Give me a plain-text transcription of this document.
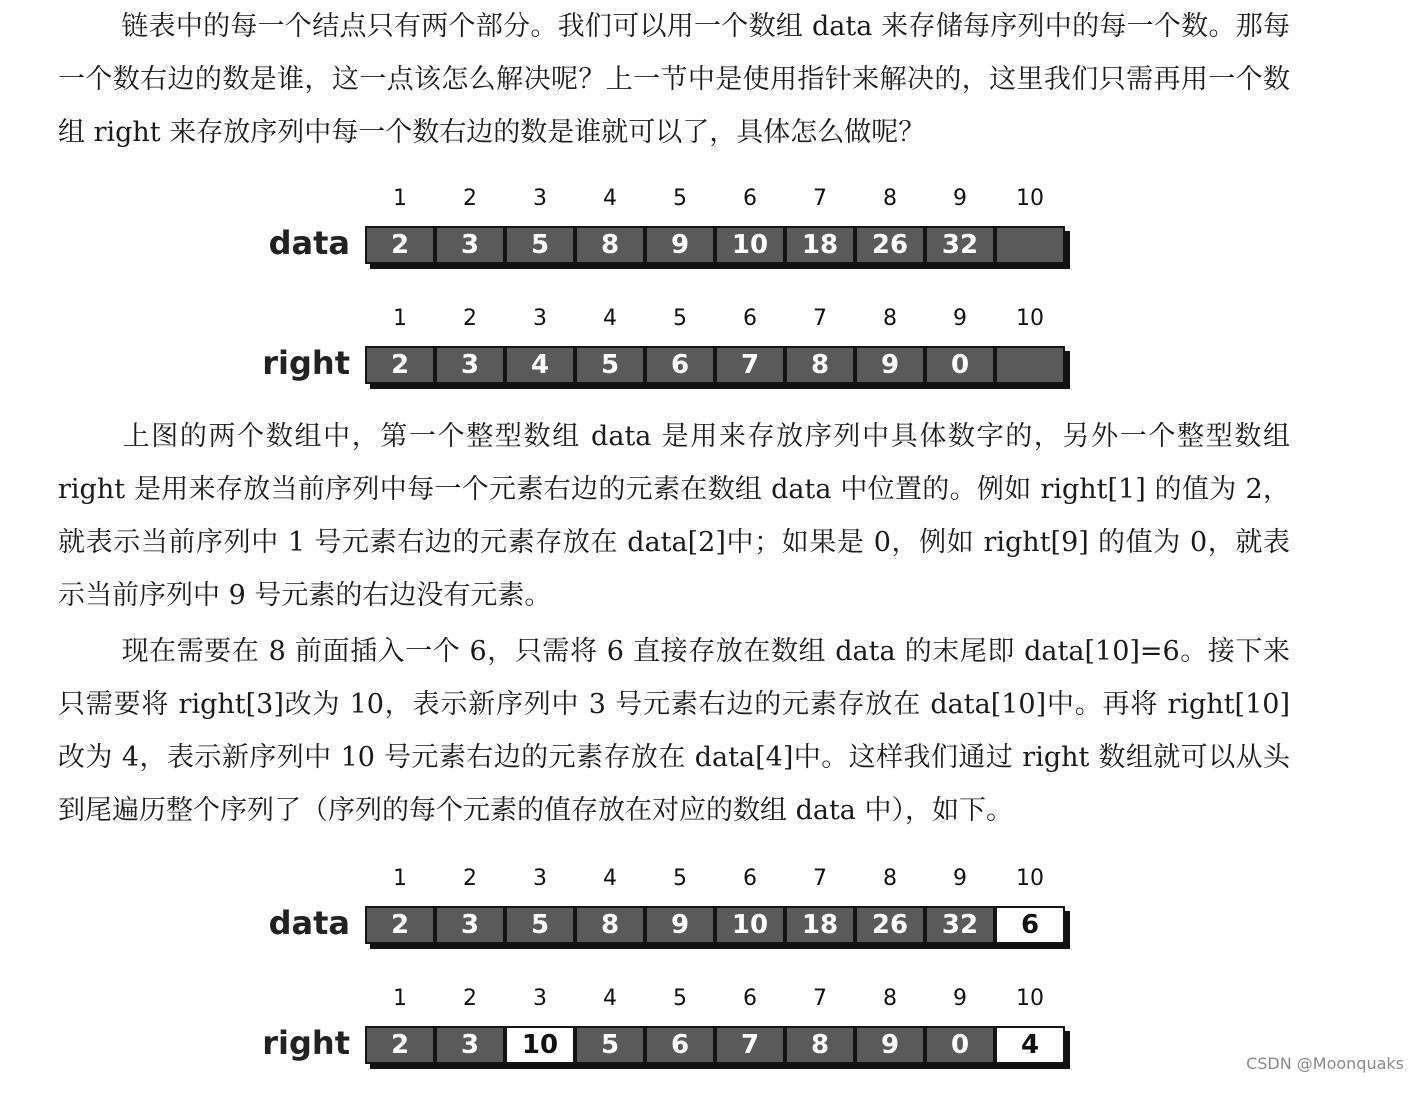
链表中的每一个结点只有两个部分。我们可以用一个数组 data 来存储每序列中的每一个数。那每一个数右边的数是谁，这一点该怎么解决呢？上一节中是使用指针来解决的，这里我们只需再用一个数组 right 来存放序列中每一个数右边的数是谁就可以了，具体怎么做呢？

1	2	3	4	5	6	7	8	9	10
data	2	3	5	8	9	10	18	26	32
1	2	3	4	5	6	7	8	9	10
right	2	3	4	5	6	7	8	9	0

上图的两个数组中，第一个整型数组 data 是用来存放序列中具体数字的，另外一个整型数组 right 是用来存放当前序列中每一个元素右边的元素在数组 data 中位置的。例如 right[1] 的值为 2，就表示当前序列中 1 号元素右边的元素存放在 data[2]中；如果是 0，例如 right[9] 的值为 0，就表示当前序列中 9 号元素的右边没有元素。

现在需要在 8 前面插入一个 6，只需将 6 直接存放在数组 data 的末尾即 data[10]=6。接下来只需要将 right[3]改为 10，表示新序列中 3 号元素右边的元素存放在 data[10]中。再将 right[10] 改为 4，表示新序列中 10 号元素右边的元素存放在 data[4]中。这样我们通过 right 数组就可以从头到尾遍历整个序列了（序列的每个元素的值存放在对应的数组 data 中），如下。

1	2	3	4	5	6	7	8	9	10
data	2	3	5	8	9	10	18	26	32	6
1	2	3	4	5	6	7	8	9	10
right	2	3	10	5	6	7	8	9	0	4
CSDN @Moonquaks
